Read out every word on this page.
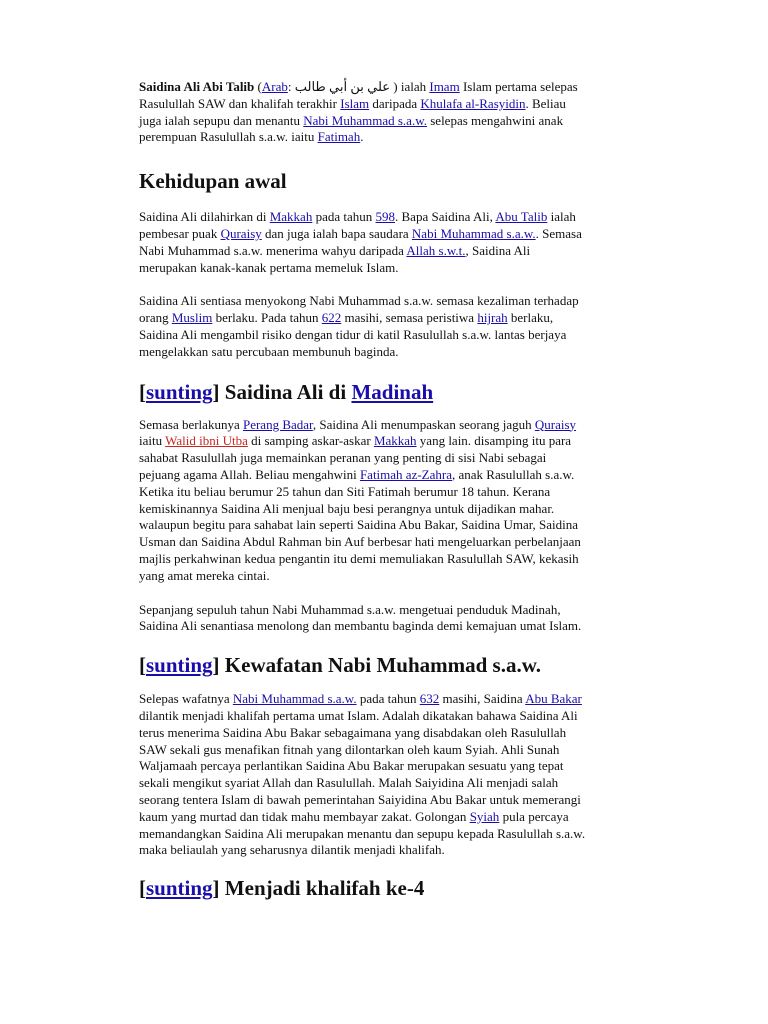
Saidina Ali Abi Talib (Arab: علي بن أبي طالب ) ialah Imam Islam pertama selepas
Rasulullah SAW dan khalifah terakhir Islam daripada Khulafa al-Rasyidin. Beliau
juga ialah sepupu dan menantu Nabi Muhammad s.a.w. selepas mengahwini anak
perempuan Rasulullah s.a.w. iaitu Fatimah.

Kehidupan awal

Saidina Ali dilahirkan di Makkah pada tahun 598. Bapa Saidina Ali, Abu Talib ialah
pembesar puak Quraisy dan juga ialah bapa saudara Nabi Muhammad s.a.w.. Semasa
Nabi Muhammad s.a.w. menerima wahyu daripada Allah s.w.t., Saidina Ali
merupakan kanak-kanak pertama memeluk Islam.

Saidina Ali sentiasa menyokong Nabi Muhammad s.a.w. semasa kezaliman terhadap
orang Muslim berlaku. Pada tahun 622 masihi, semasa peristiwa hijrah berlaku,
Saidina Ali mengambil risiko dengan tidur di katil Rasulullah s.a.w. lantas berjaya
mengelakkan satu percubaan membunuh baginda.

[sunting] Saidina Ali di Madinah

Semasa berlakunya Perang Badar, Saidina Ali menumpaskan seorang jaguh Quraisy
iaitu Walid ibni Utba di samping askar-askar Makkah yang lain. disamping itu para
sahabat Rasulullah juga memainkan peranan yang penting di sisi Nabi sebagai
pejuang agama Allah. Beliau mengahwini Fatimah az-Zahra, anak Rasulullah s.a.w.
Ketika itu beliau berumur 25 tahun dan Siti Fatimah berumur 18 tahun. Kerana
kemiskinannya Saidina Ali menjual baju besi perangnya untuk dijadikan mahar.
walaupun begitu para sahabat lain seperti Saidina Abu Bakar, Saidina Umar, Saidina
Usman dan Saidina Abdul Rahman bin Auf berbesar hati mengeluarkan perbelanjaan
majlis perkahwinan kedua pengantin itu demi memuliakan Rasulullah SAW, kekasih
yang amat mereka cintai.

Sepanjang sepuluh tahun Nabi Muhammad s.a.w. mengetuai penduduk Madinah,
Saidina Ali senantiasa menolong dan membantu baginda demi kemajuan umat Islam.

[sunting] Kewafatan Nabi Muhammad s.a.w.

Selepas wafatnya Nabi Muhammad s.a.w. pada tahun 632 masihi, Saidina Abu Bakar
dilantik menjadi khalifah pertama umat Islam. Adalah dikatakan bahawa Saidina Ali
terus menerima Saidina Abu Bakar sebagaimana yang disabdakan oleh Rasulullah
SAW sekali gus menafikan fitnah yang dilontarkan oleh kaum Syiah. Ahli Sunah
Waljamaah percaya perlantikan Saidina Abu Bakar merupakan sesuatu yang tepat
sekali mengikut syariat Allah dan Rasulullah. Malah Saiyidina Ali menjadi salah
seorang tentera Islam di bawah pemerintahan Saiyidina Abu Bakar untuk memerangi
kaum yang murtad dan tidak mahu membayar zakat. Golongan Syiah pula percaya
memandangkan Saidina Ali merupakan menantu dan sepupu kepada Rasulullah s.a.w.
maka beliaulah yang seharusnya dilantik menjadi khalifah.

[sunting] Menjadi khalifah ke-4
